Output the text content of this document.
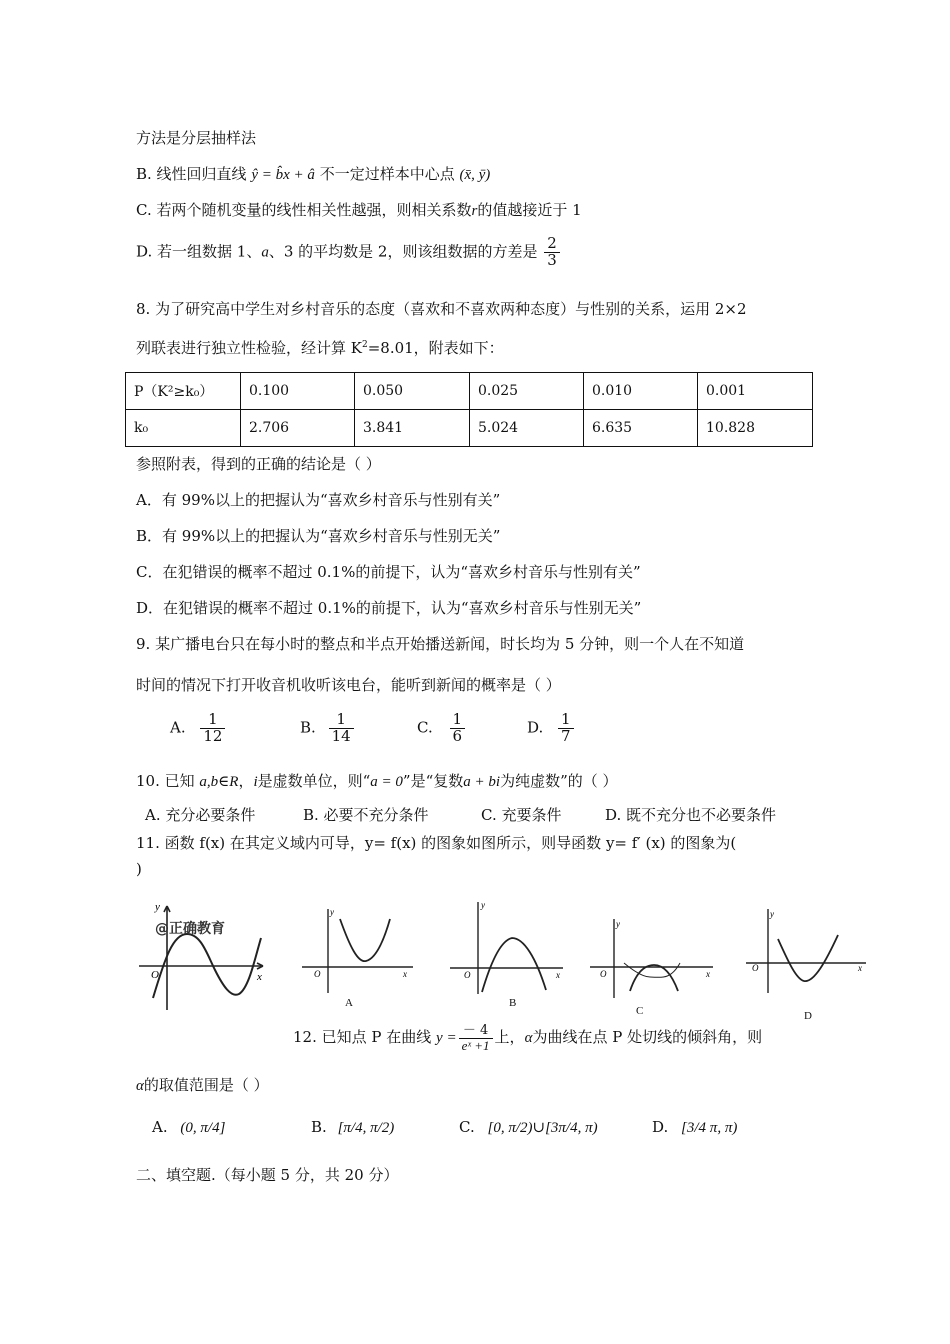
方法是分层抽样法
B. 线性回归直线 ŷ = b̂x + â 不一定过样本中心点 (x̄, ȳ)
C. 若两个随机变量的线性相关性越强，则相关系数r的值越接近于 1
D. 若一组数据 1、a、3 的平均数是 2，则该组数据的方差是 $\frac{2}{3}$
8. 为了研究高中学生对乡村音乐的态度（喜欢和不喜欢两种态度）与性别的关系，运用 2×2
列联表进行独立性检验，经计算 $K^2=8.01$，附表如下：
P（K²≥k₀）	0.100	0.050	0.025	0.010	0.001
k₀	2.706	3.841	5.024	6.635	10.828
参照附表，得到的正确的结论是（ ）
A．有 99%以上的把握认为“喜欢乡村音乐与性别有关”
B．有 99%以上的把握认为“喜欢乡村音乐与性别无关”
C．在犯错误的概率不超过 0.1%的前提下，认为“喜欢乡村音乐与性别有关”
D．在犯错误的概率不超过 0.1%的前提下，认为“喜欢乡村音乐与性别无关”
9. 某广播电台只在每小时的整点和半点开始播送新闻，时长均为 5 分钟，则一个人在不知道
时间的情况下打开收音机收听该电台，能听到新闻的概率是（ ）
A. $\frac{1}{12}$	B. $\frac{1}{14}$	C. $\frac{1}{6}$	D. $\frac{1}{7}$
10. 已知 a,b∈R，i是虚数单位，则“a = 0”是“复数a + bi为纯虚数”的（ ）
A. 充分必要条件	B. 必要不充分条件	C. 充要条件	D. 既不充分也不必要条件
11. 函数 f(x) 在其定义域内可导，y= f(x) 的图象如图所示，则导函数 y= f′ (x) 的图象为(
)
y
x
O
@正确教育
y
x
O
A
y
x
O
B
y
x
O
C
y
x
O
D
12. 已知点 P 在曲线 $y = \frac{- 4}{\text{eˣ +1}}$ 上，α为曲线在点 P 处切线的倾斜角，则
α的取值范围是（ ）
A. (0, π/4]	B. [π/4, π/2)	C. [0, π/2)∪[3π/4, π)	D. [3/4 π, π)
二、填空题.（每小题 5 分，共 20 分）
